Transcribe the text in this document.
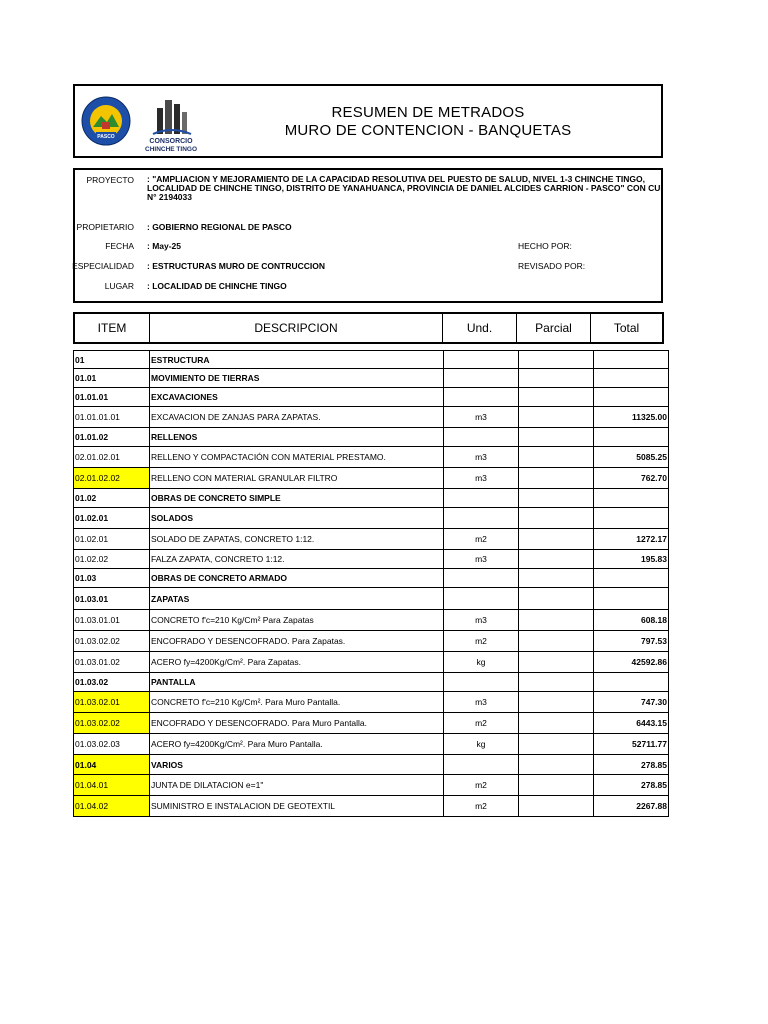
PASCO
CONSORCIO
CHINCHE TINGO
RESUMEN DE METRADOS
MURO DE CONTENCION - BANQUETAS
PROYECTO : "AMPLIACION Y MEJORAMIENTO DE LA CAPACIDAD RESOLUTIVA DEL PUESTO DE SALUD, NIVEL 1-3 CHINCHE TINGO, LOCALIDAD DE CHINCHE TINGO, DISTRITO DE YANAHUANCA, PROVINCIA DE DANIEL ALCIDES CARRION - PASCO" CON CUI N° 2194033
PROPIETARIO : GOBIERNO REGIONAL DE PASCO
FECHA : May-25	HECHO POR:
ESPECIALIDAD : ESTRUCTURAS MURO DE CONTRUCCION	REVISADO POR:
LUGAR : LOCALIDAD DE CHINCHE TINGO
ITEM	DESCRIPCION	Und.	Parcial	Total
01	ESTRUCTURA			
01.01	MOVIMIENTO DE TIERRAS			
01.01.01	EXCAVACIONES			
01.01.01.01	EXCAVACION DE ZANJAS PARA ZAPATAS.	m3		11325.00
01.01.02	RELLENOS			
02.01.02.01	RELLENO Y COMPACTACIÓN CON MATERIAL PRESTAMO.	m3		5085.25
02.01.02.02	RELLENO CON MATERIAL GRANULAR FILTRO	m3		762.70
01.02	OBRAS DE CONCRETO SIMPLE			
01.02.01	SOLADOS			
01.02.01	SOLADO DE ZAPATAS, CONCRETO 1:12.	m2		1272.17
01.02.02	FALZA ZAPATA, CONCRETO 1:12.	m3		195.83
01.03	OBRAS DE CONCRETO ARMADO			
01.03.01	ZAPATAS			
01.03.01.01	CONCRETO f'c=210 Kg/Cm² Para Zapatas	m3		608.18
01.03.02.02	ENCOFRADO Y DESENCOFRADO. Para Zapatas.	m2		797.53
01.03.01.02	ACERO fy=4200Kg/Cm². Para Zapatas.	kg		42592.86
01.03.02	PANTALLA			
01.03.02.01	CONCRETO f'c=210 Kg/Cm². Para Muro Pantalla.	m3		747.30
01.03.02.02	ENCOFRADO Y DESENCOFRADO. Para Muro Pantalla.	m2		6443.15
01.03.02.03	ACERO fy=4200Kg/Cm². Para Muro Pantalla.	kg		52711.77
01.04	VARIOS			278.85
01.04.01	JUNTA DE DILATACION e=1"	m2		278.85
01.04.02	SUMINISTRO E INSTALACION DE GEOTEXTIL	m2		2267.88
